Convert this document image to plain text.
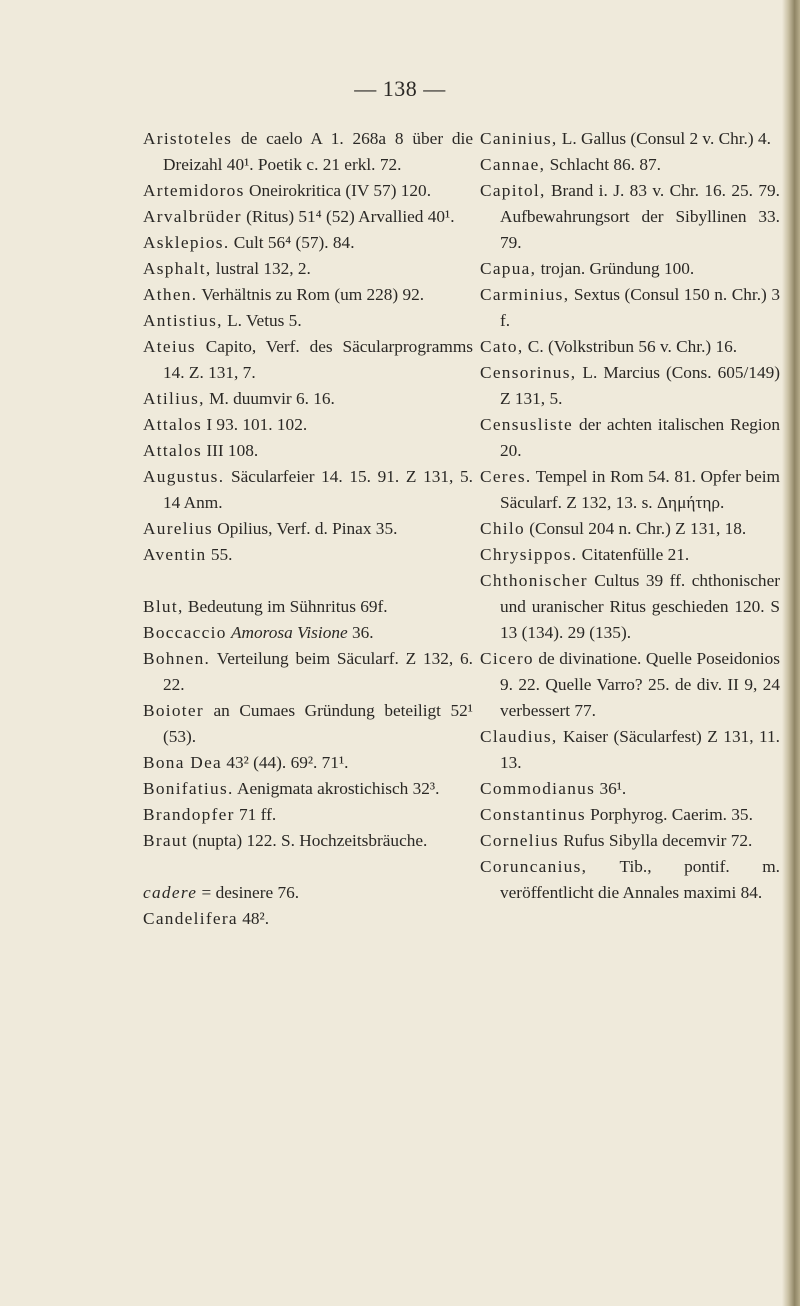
— 138 —

Aristoteles de caelo A 1. 268a 8 über die Dreizahl 40¹. Poetik c. 21 erkl. 72.

Artemidoros Oneirokritica (IV 57) 120.

Arvalbrüder (Ritus) 51⁴ (52) Arvallied 40¹.

Asklepios. Cult 56⁴ (57). 84.

Asphalt, lustral 132, 2.

Athen. Verhältnis zu Rom (um 228) 92.

Antistius, L. Vetus 5.

Ateius Capito, Verf. des Säcularprogramms 14. Z. 131, 7.

Atilius, M. duumvir 6. 16.

Attalos I 93. 101. 102.

Attalos III 108.

Augustus. Säcularfeier 14. 15. 91. Z 131, 5. 14 Anm.

Aurelius Opilius, Verf. d. Pinax 35.

Aventin 55.

Blut, Bedeutung im Sühnritus 69f.

Boccaccio Amorosa Visione 36.

Bohnen. Verteilung beim Säcularf. Z 132, 6. 22.

Boioter an Cumaes Gründung beteiligt 52¹ (53).

Bona Dea 43² (44). 69². 71¹.

Bonifatius. Aenigmata akrostichisch 32³.

Brandopfer 71 ff.

Braut (nupta) 122. S. Hochzeitsbräuche.

cadere = desinere 76.

Candelifera 48².

Caninius, L. Gallus (Consul 2 v. Chr.) 4.

Cannae, Schlacht 86. 87.

Capitol, Brand i. J. 83 v. Chr. 16. 25. 79. Aufbewahrungsort der Sibyllinen 33. 79.

Capua, trojan. Gründung 100.

Carminius, Sextus (Consul 150 n. Chr.) 3 f.

Cato, C. (Volkstribun 56 v. Chr.) 16.

Censorinus, L. Marcius (Cons. 605/149) Z 131, 5.

Censusliste der achten italischen Region 20.

Ceres. Tempel in Rom 54. 81. Opfer beim Säcularf. Z 132, 13. s. Δημήτηρ.

Chilo (Consul 204 n. Chr.) Z 131, 18.

Chrysippos. Citatenfülle 21.

Chthonischer Cultus 39 ff. chthonischer und uranischer Ritus geschieden 120. S 13 (134). 29 (135).

Cicero de divinatione. Quelle Poseidonios 9. 22. Quelle Varro? 25. de div. II 9, 24 verbessert 77.

Claudius, Kaiser (Säcularfest) Z 131, 11. 13.

Commodianus 36¹.

Constantinus Porphyrog. Caerim. 35.

Cornelius Rufus Sibylla decemvir 72.

Coruncanius, Tib., pontif. m. veröffentlicht die Annales maximi 84.
